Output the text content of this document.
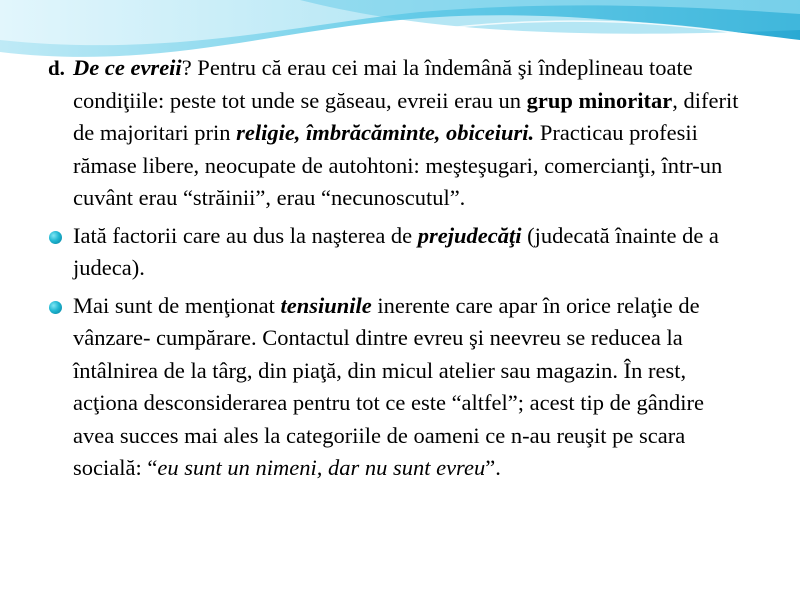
d. De ce evreii? Pentru că erau cei mai la îndemână şi îndeplineau toate condiţiile: peste tot unde se găseau, evreii erau un grup minoritar, diferit de majoritari prin religie, îmbrăcăminte, obiceiuri. Practicau profesii rămase libere, neocupate de autohtoni: meşteşugari, comercianţi, într-un cuvânt erau “străinii”, erau “necunoscutul”.
Iată factorii care au dus la naşterea de prejudecăţi (judecată înainte de a judeca).
Mai sunt de menţionat tensiunile inerente care apar în orice relaţie de vânzare- cumpărare. Contactul dintre evreu şi neevreu se reducea la întâlnirea de la târg, din piaţă, din micul atelier sau magazin. În rest, acţiona desconsiderarea pentru tot ce este “altfel”; acest tip de gândire avea succes mai ales la categoriile de oameni ce n-au reuşit pe scara socială: “eu sunt un nimeni, dar nu sunt evreu”.
